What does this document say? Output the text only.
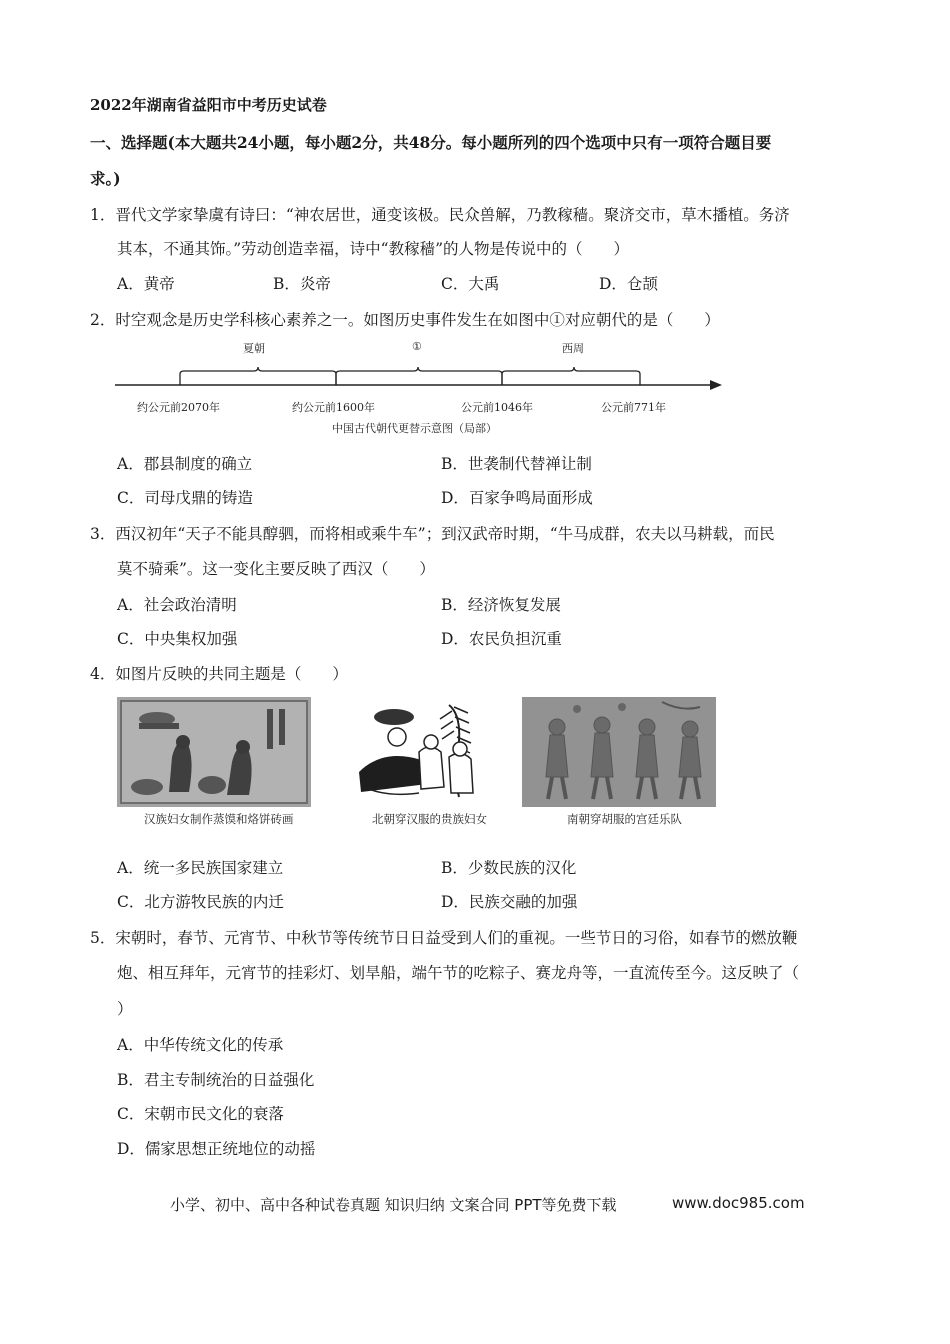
2022年湖南省益阳市中考历史试卷
一、选择题(本大题共24小题，每小题2分，共48分。每小题所列的四个选项中只有一项符合题目要
求。)
1．晋代文学家挚虞有诗曰：“神农居世，通变该极。民众兽解，乃教稼穑。聚济交市，草木播植。务济
其本，不通其饰。”劳动创造幸福，诗中“教稼穑”的人物是传说中的（　　）
A．黄帝	B．炎帝	C．大禹	D．仓颉
2．时空观念是历史学科核心素养之一。如图历史事件发生在如图中①对应朝代的是（　　）
夏朝	①	西周
约公元前2070年	约公元前1600年	公元前1046年	公元前771年
中国古代朝代更替示意图（局部）
A．郡县制度的确立	B．世袭制代替禅让制
C．司母戊鼎的铸造	D．百家争鸣局面形成
3．西汉初年“天子不能具醇驷，而将相或乘牛车”；到汉武帝时期，“牛马成群，农夫以马耕载，而民
莫不骑乘”。这一变化主要反映了西汉（　　）
A．社会政治清明	B．经济恢复发展
C．中央集权加强	D．农民负担沉重
4．如图片反映的共同主题是（　　）
汉族妇女制作蒸馍和烙饼砖画	北朝穿汉服的贵族妇女	南朝穿胡服的宫廷乐队
A．统一多民族国家建立	B．少数民族的汉化
C．北方游牧民族的内迁	D．民族交融的加强
5．宋朝时，春节、元宵节、中秋节等传统节日日益受到人们的重视。一些节日的习俗，如春节的燃放鞭
炮、相互拜年，元宵节的挂彩灯、划旱船，端午节的吃粽子、赛龙舟等，一直流传至今。这反映了（
）
A．中华传统文化的传承
B．君主专制统治的日益强化
C．宋朝市民文化的衰落
D．儒家思想正统地位的动摇
小学、初中、高中各种试卷真题 知识归纳 文案合同 PPT等免费下载	www.doc985.com
